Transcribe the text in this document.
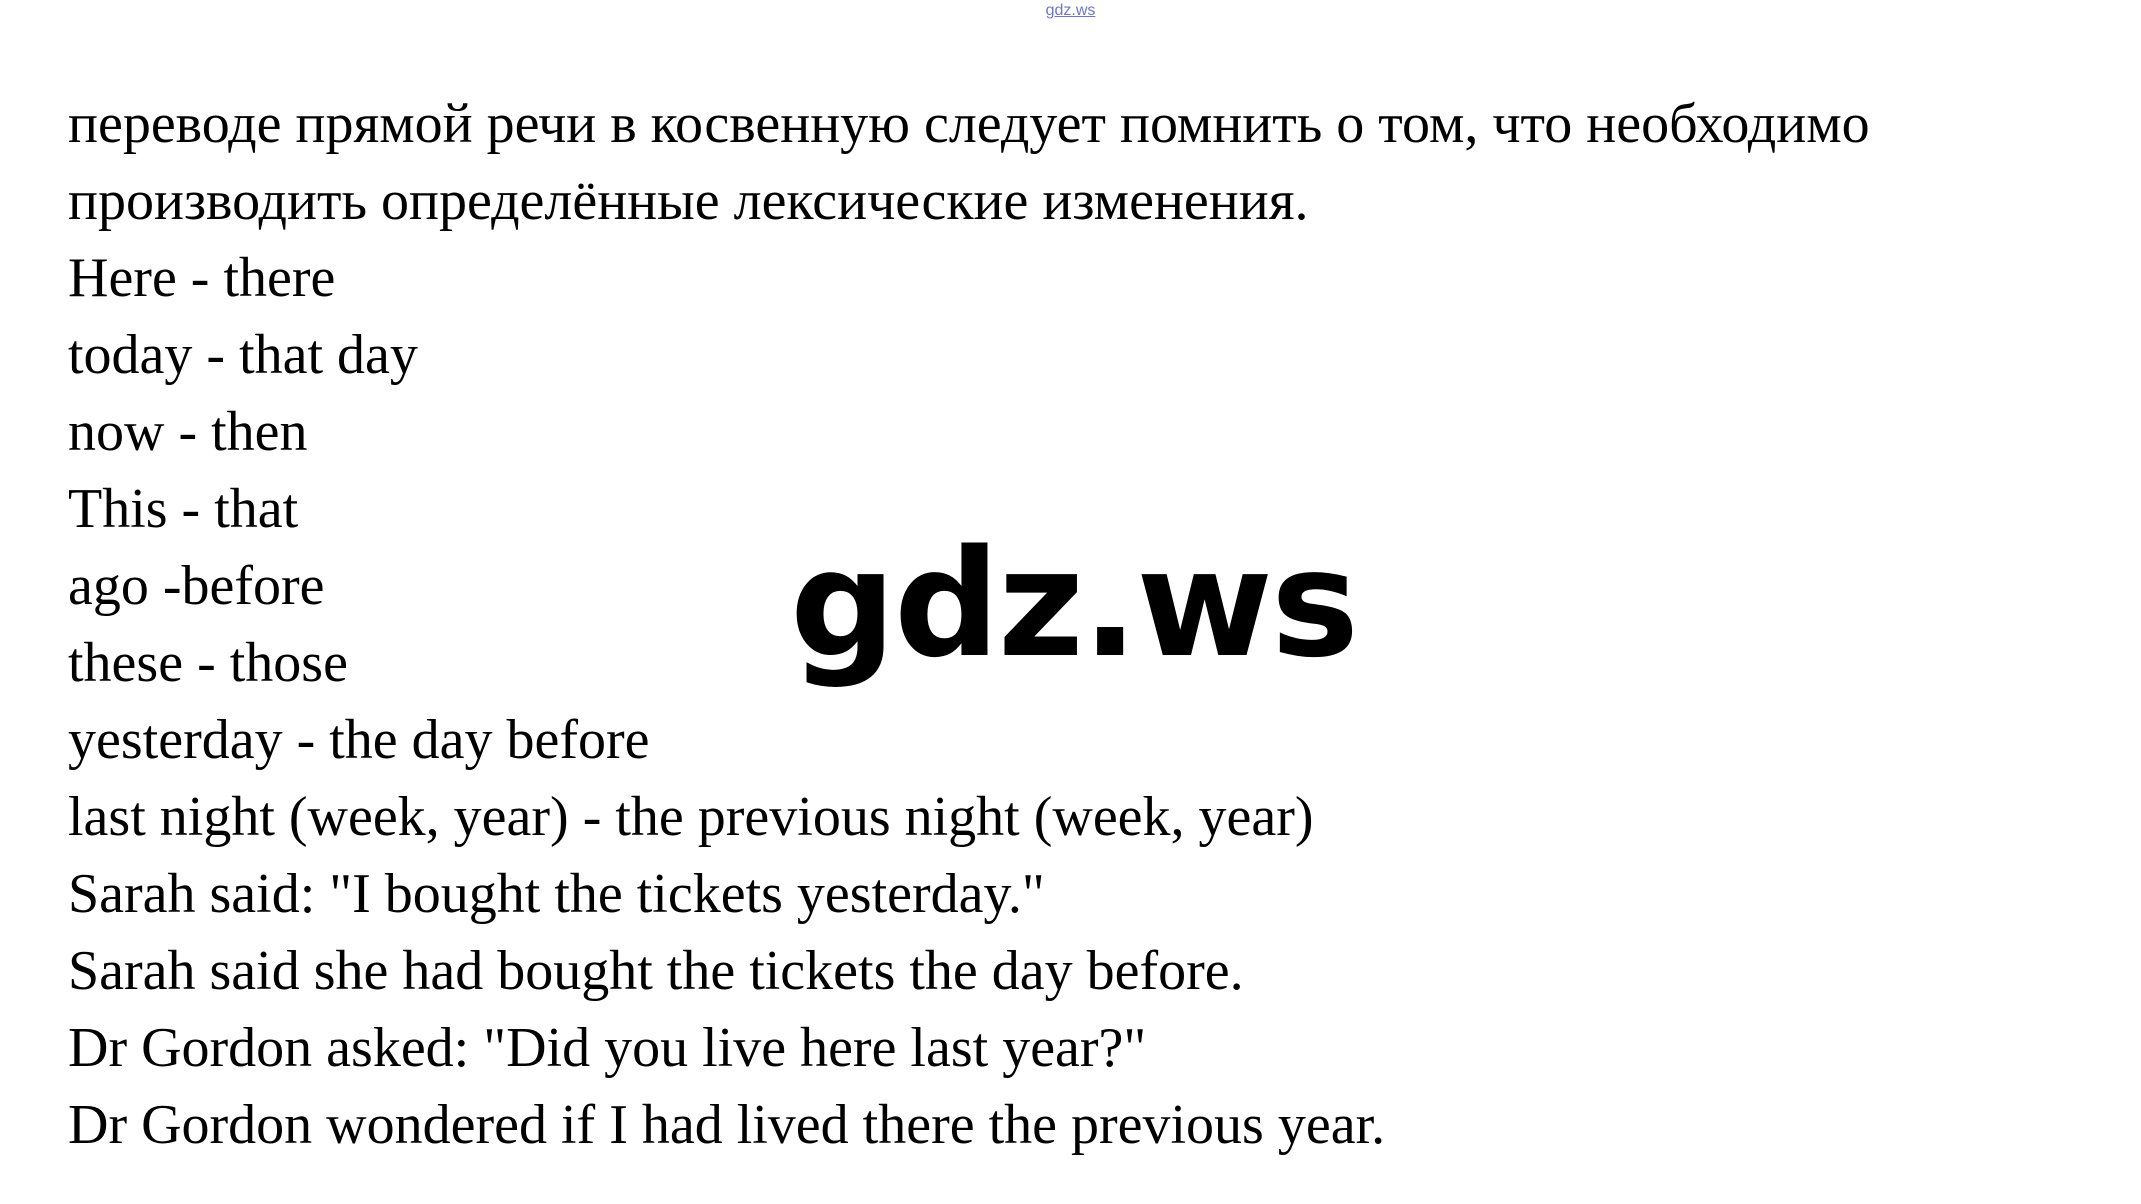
gdz.ws
переводе прямой речи в косвенную следует помнить о том, что необходимо
производить определённые лексические изменения.
Here - there
today - that day
now - then
This - that
ago -before
these - those
yesterday - the day before
last night (week, year) - the previous night (week, year)
Sarah said: "I bought the tickets yesterday."
Sarah said she had bought the tickets the day before.
Dr Gordon asked: "Did you live here last year?"
Dr Gordon wondered if I had lived there the previous year.
gdz.ws
